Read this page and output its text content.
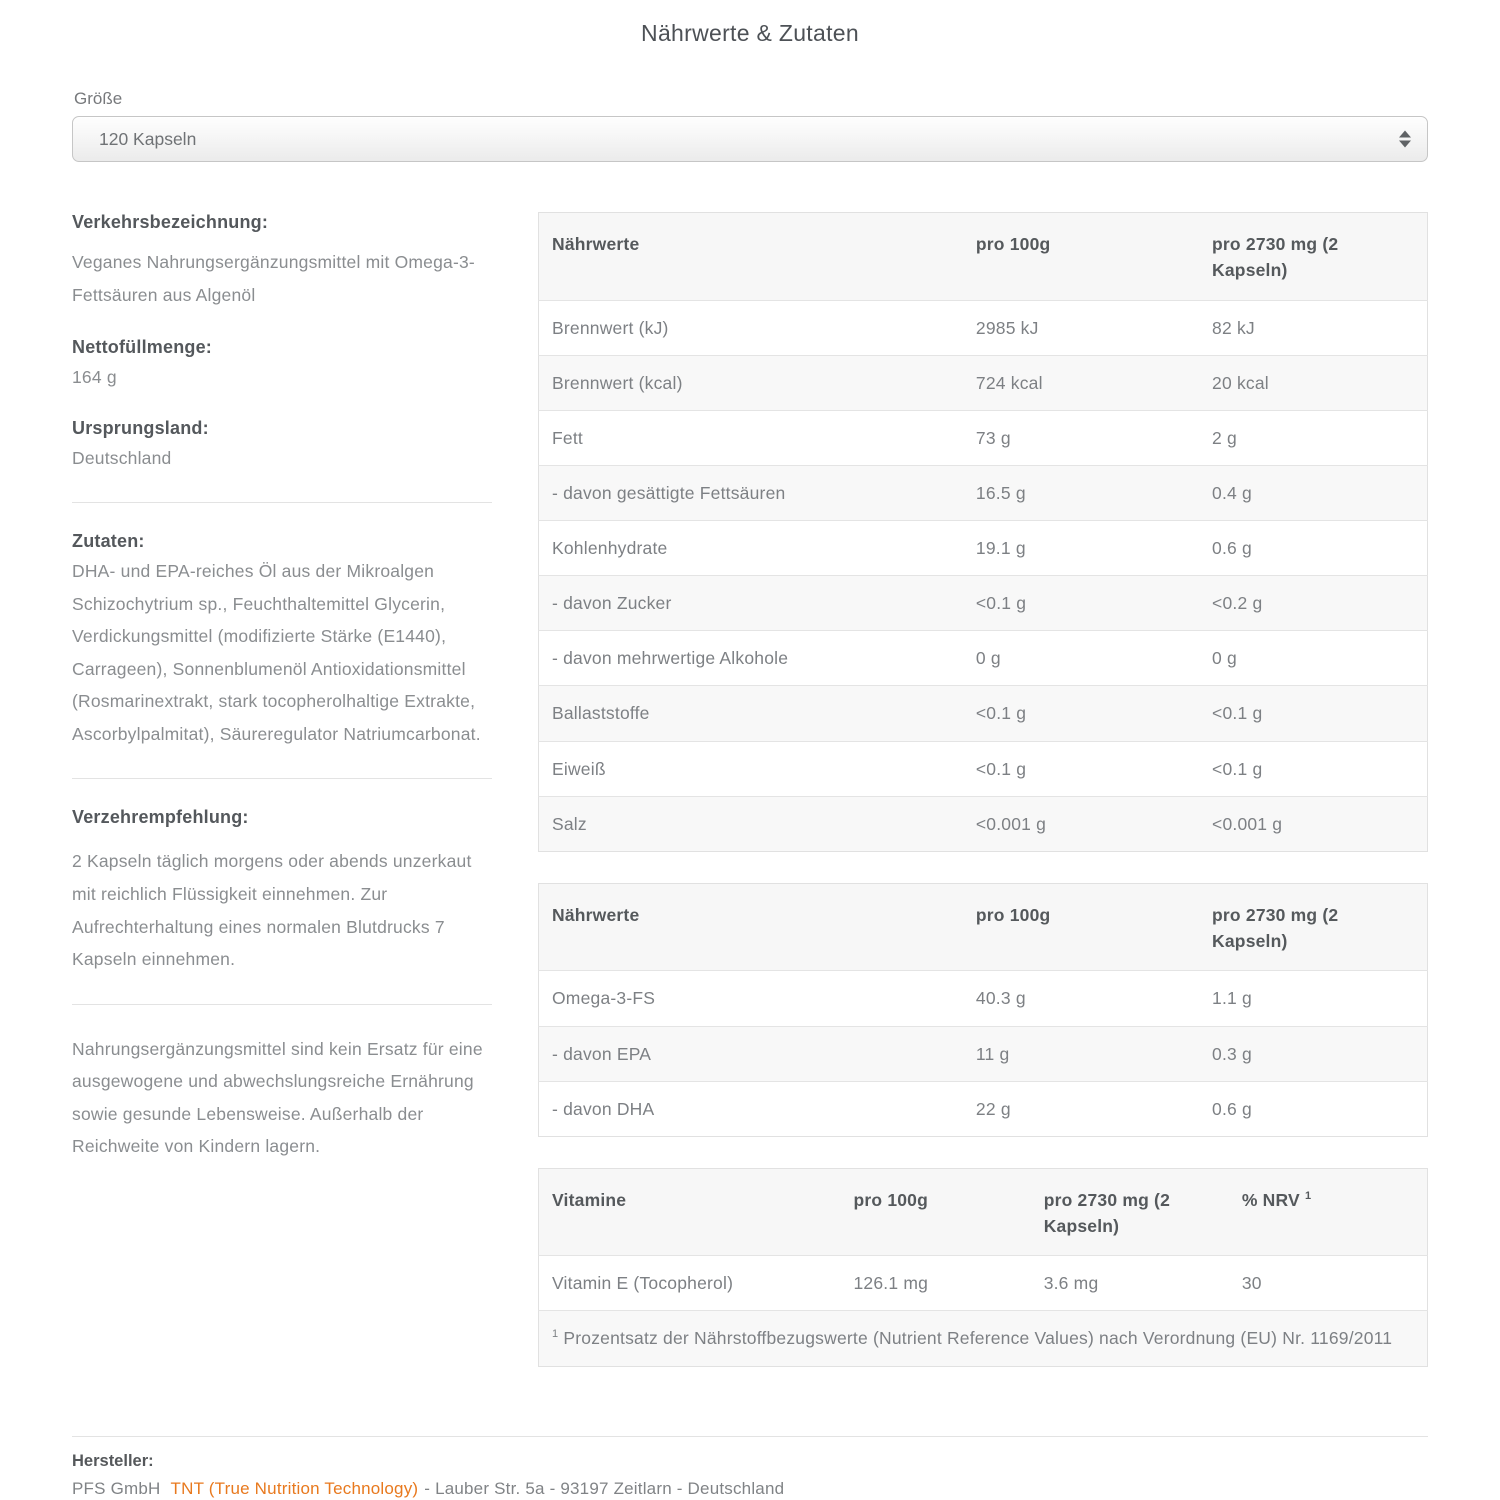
Nährwerte & Zutaten

Größe

120 Kapseln

Verkehrsbezeichnung:

Veganes Nahrungsergänzungsmittel mit Omega-3-Fettsäuren aus Algenöl

Nettofüllmenge:

164 g

Ursprungsland:

Deutschland

Zutaten:

DHA- und EPA-reiches Öl aus der Mikroalgen Schizochytrium sp., Feuchthaltemittel Glycerin, Verdickungsmittel (modifizierte Stärke (E1440), Carrageen), Sonnenblumenöl Antioxidationsmittel (Rosmarinextrakt, stark tocopherolhaltige Extrakte, Ascorbylpalmitat), Säureregulator Natriumcarbonat.

Verzehrempfehlung:

2 Kapseln täglich morgens oder abends unzerkaut mit reichlich Flüssigkeit einnehmen. Zur Aufrechterhaltung eines normalen Blutdrucks 7 Kapseln einnehmen.

Nahrungsergänzungsmittel sind kein Ersatz für eine ausgewogene und abwechslungsreiche Ernährung sowie gesunde Lebensweise. Außerhalb der Reichweite von Kindern lagern.

Nährwerte	pro 100g	pro 2730 mg (2 Kapseln)
Brennwert (kJ)	2985 kJ	82 kJ
Brennwert (kcal)	724 kcal	20 kcal
Fett	73 g	2 g
- davon gesättigte Fettsäuren	16.5 g	0.4 g
Kohlenhydrate	19.1 g	0.6 g
- davon Zucker	<0.1 g	<0.2 g
- davon mehrwertige Alkohole	0 g	0 g
Ballaststoffe	<0.1 g	<0.1 g
Eiweiß	<0.1 g	<0.1 g
Salz	<0.001 g	<0.001 g
Nährwerte	pro 100g	pro 2730 mg (2 Kapseln)
Omega-3-FS	40.3 g	1.1 g
- davon EPA	11 g	0.3 g
- davon DHA	22 g	0.6 g
Vitamine	pro 100g	pro 2730 mg (2 Kapseln)	% NRV $^1$
Vitamin E (Tocopherol)	126.1 mg	3.6 mg	30
$^1$ Prozentsatz der Nährstoffbezugswerte (Nutrient Reference Values) nach Verordnung (EU) Nr. 1169/2011			

Hersteller:

PFS GmbH TNT (True Nutrition Technology) - Lauber Str. 5a - 93197 Zeitlarn - Deutschland
